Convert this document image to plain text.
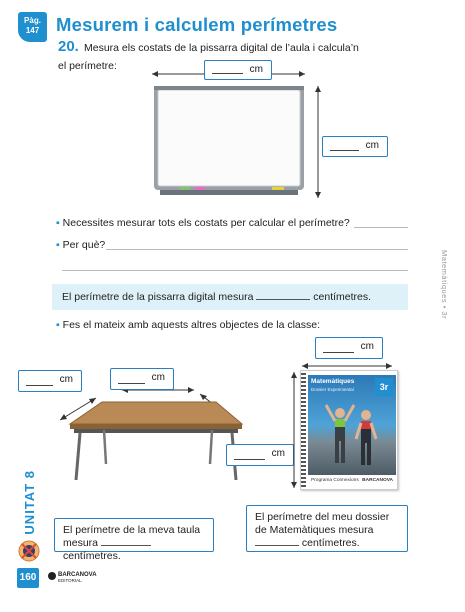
Pàg.
147 Mesurem i calculem perímetres
20. Mesura els costats de la pissarra digital de l’aula i calcula’n
el perímetre:	cm
cm
▪ Necessites mesurar tots els costats per calcular el perímetre?
▪ Per què?
El perímetre de la pissarra digital mesura	centímetres.
▪ Fes el mateix amb aquests altres objectes de la classe:
cm	cm
cm
cm
Matemàtiques
Dossier Experimental	3r
Programa Connexions BARCANOVA
El perímetre de la meva taula
mesura  centímetres.
El perímetre del meu dossier
de Matemàtiques mesura
centímetres.
Matemàtiques • 3r
UNITAT 8
160	BARCANOVA
EDITORIAL
